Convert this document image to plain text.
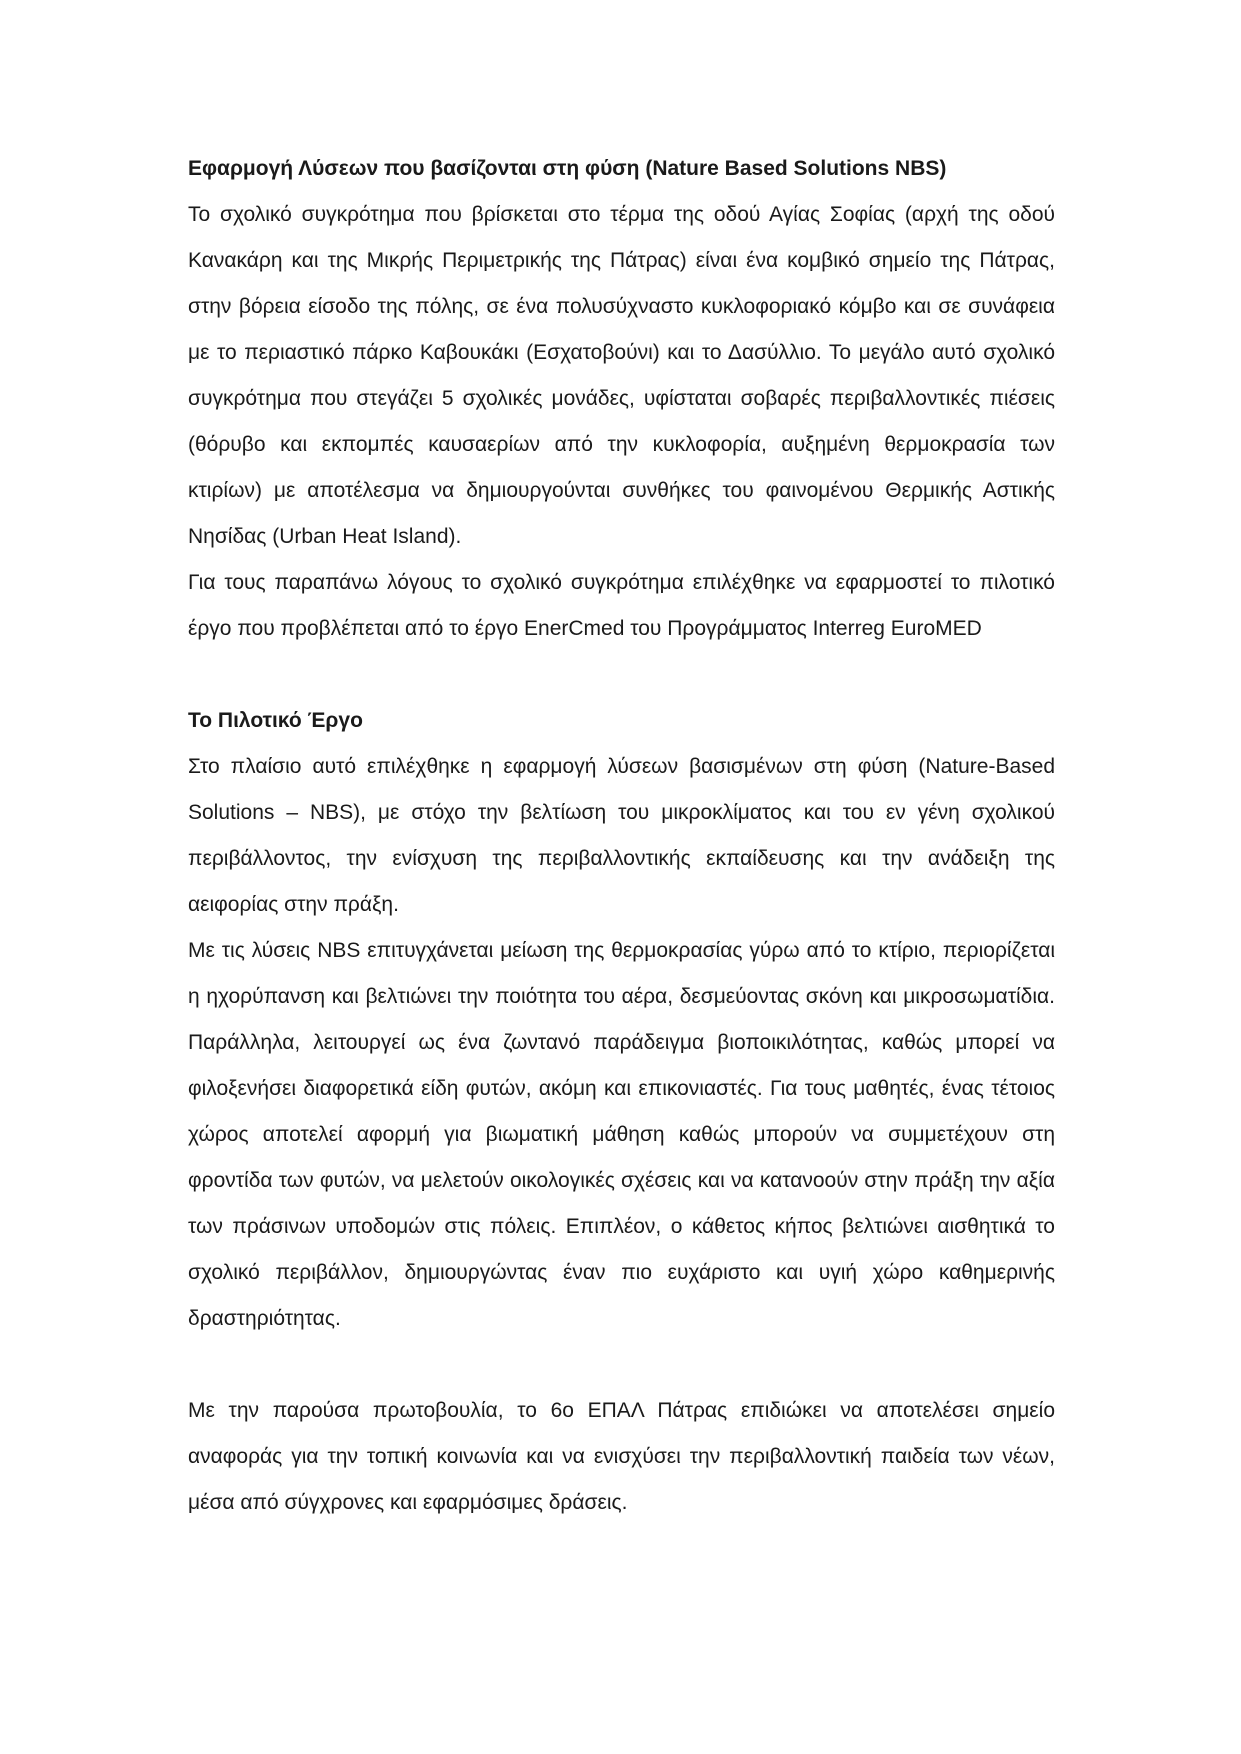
Εφαρμογή Λύσεων που βασίζονται στη φύση (Nature Based Solutions NBS)

Το σχολικό συγκρότημα που βρίσκεται στο τέρμα της οδού Αγίας Σοφίας (αρχή της οδού Κανακάρη και της Μικρής Περιμετρικής της Πάτρας) είναι ένα κομβικό σημείο της Πάτρας, στην βόρεια είσοδο της πόλης, σε ένα πολυσύχναστο κυκλοφοριακό κόμβο και σε συνάφεια με το περιαστικό πάρκο Καβουκάκι (Εσχατοβούνι) και το Δασύλλιο. Το μεγάλο αυτό σχολικό συγκρότημα που στεγάζει 5 σχολικές μονάδες, υφίσταται σοβαρές περιβαλλοντικές πιέσεις (θόρυβο και εκπομπές καυσαερίων από την κυκλοφορία, αυξημένη θερμοκρασία των κτιρίων) με αποτέλεσμα να δημιουργούνται συνθήκες του φαινομένου Θερμικής Αστικής Νησίδας (Urban Heat Island).

Για τους παραπάνω λόγους το σχολικό συγκρότημα επιλέχθηκε να εφαρμοστεί το πιλοτικό έργο που προβλέπεται από το έργο EnerCmed του Προγράμματος Interreg EuroMED

Το Πιλοτικό Έργο

Στο πλαίσιο αυτό επιλέχθηκε η εφαρμογή λύσεων βασισμένων στη φύση (Nature-Based Solutions – NBS), με στόχο την βελτίωση του μικροκλίματος και του εν γένη σχολικού περιβάλλοντος, την ενίσχυση της περιβαλλοντικής εκπαίδευσης και την ανάδειξη της αειφορίας στην πράξη.

Με τις λύσεις NBS επιτυγχάνεται μείωση της θερμοκρασίας γύρω από το κτίριο, περιορίζεται η ηχορύπανση και βελτιώνει την ποιότητα του αέρα, δεσμεύοντας σκόνη και μικροσωματίδια. Παράλληλα, λειτουργεί ως ένα ζωντανό παράδειγμα βιοποικιλότητας, καθώς μπορεί να φιλοξενήσει διαφορετικά είδη φυτών, ακόμη και επικονιαστές. Για τους μαθητές, ένας τέτοιος χώρος αποτελεί αφορμή για βιωματική μάθηση καθώς μπορούν να συμμετέχουν στη φροντίδα των φυτών, να μελετούν οικολογικές σχέσεις και να κατανοούν στην πράξη την αξία των πράσινων υποδομών στις πόλεις. Επιπλέον, ο κάθετος κήπος βελτιώνει αισθητικά το σχολικό περιβάλλον, δημιουργώντας έναν πιο ευχάριστο και υγιή χώρο καθημερινής δραστηριότητας.

Με την παρούσα πρωτοβουλία, το 6ο ΕΠΑΛ Πάτρας επιδιώκει να αποτελέσει σημείο αναφοράς για την τοπική κοινωνία και να ενισχύσει την περιβαλλοντική παιδεία των νέων, μέσα από σύγχρονες και εφαρμόσιμες δράσεις.
